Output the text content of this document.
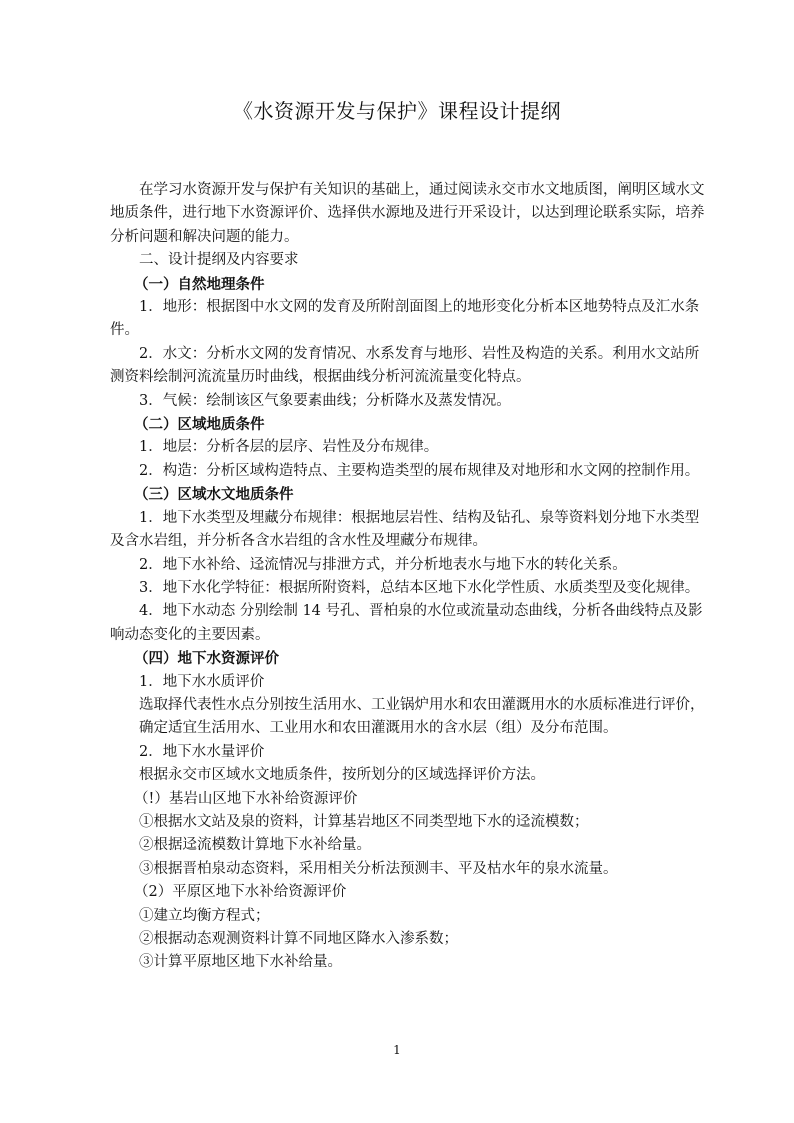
《水资源开发与保护》课程设计提纲

在学习水资源开发与保护有关知识的基础上，通过阅读永交市水文地质图，阐明区域水文地质条件，进行地下水资源评价、选择供水源地及进行开采设计，以达到理论联系实际，培养分析问题和解决问题的能力。

二、设计提纲及内容要求

（一）自然地理条件

1．地形：根据图中水文网的发育及所附剖面图上的地形变化分析本区地势特点及汇水条件。

2．水文：分析水文网的发育情况、水系发育与地形、岩性及构造的关系。利用水文站所测资料绘制河流流量历时曲线，根据曲线分析河流流量变化特点。

3．气候：绘制该区气象要素曲线；分析降水及蒸发情况。

（二）区域地质条件

1．地层：分析各层的层序、岩性及分布规律。

2．构造：分析区域构造特点、主要构造类型的展布规律及对地形和水文网的控制作用。

（三）区域水文地质条件

1．地下水类型及埋藏分布规律：根据地层岩性、结构及钻孔、泉等资料划分地下水类型及含水岩组，并分析各含水岩组的含水性及埋藏分布规律。

2．地下水补给、迳流情况与排泄方式，并分析地表水与地下水的转化关系。

3．地下水化学特征：根据所附资料，总结本区地下水化学性质、水质类型及变化规律。

4．地下水动态 分别绘制 14 号孔、晋柏泉的水位或流量动态曲线，分析各曲线特点及影响动态变化的主要因素。

（四）地下水资源评价

1．地下水水质评价

选取择代表性水点分别按生活用水、工业锅炉用水和农田灌溉用水的水质标准进行评价，确定适宜生活用水、工业用水和农田灌溉用水的含水层（组）及分布范围。

2．地下水水量评价

根据永交市区域水文地质条件，按所划分的区域选择评价方法。

（!）基岩山区地下水补给资源评价

①根据水文站及泉的资料，计算基岩地区不同类型地下水的迳流模数；

②根据迳流模数计算地下水补给量。

③根据晋柏泉动态资料，采用相关分析法预测丰、平及枯水年的泉水流量。

（2）平原区地下水补给资源评价

①建立均衡方程式；

②根据动态观测资料计算不同地区降水入渗系数；

③计算平原地区地下水补给量。

1
